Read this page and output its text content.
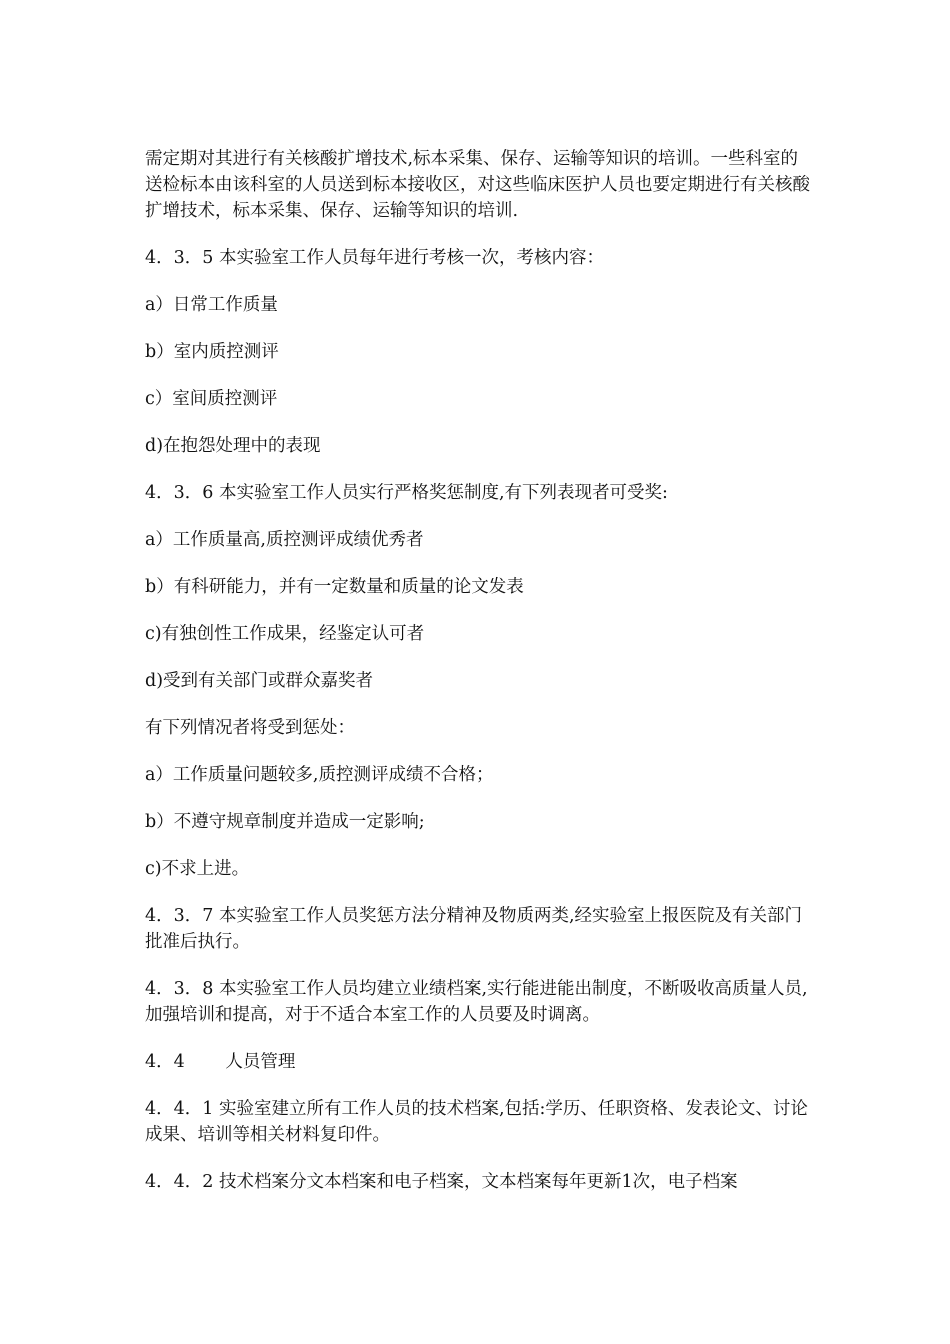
需定期对其进行有关核酸扩增技术,标本采集、保存、运输等知识的培训。一些科室的送检标本由该科室的人员送到标本接收区，对这些临床医护人员也要定期进行有关核酸扩增技术，标本采集、保存、运输等知识的培训.

4．3．5 本实验室工作人员每年进行考核一次，考核内容：

a）日常工作质量

b）室内质控测评

c）室间质控测评

d)在抱怨处理中的表现

4．3．6 本实验室工作人员实行严格奖惩制度,有下列表现者可受奖:

a）工作质量高,质控测评成绩优秀者

b）有科研能力，并有一定数量和质量的论文发表

c)有独创性工作成果，经鉴定认可者

d)受到有关部门或群众嘉奖者

有下列情况者将受到惩处：

a）工作质量问题较多,质控测评成绩不合格；

b）不遵守规章制度并造成一定影响;

c)不求上进。

4．3．7 本实验室工作人员奖惩方法分精神及物质两类,经实验室上报医院及有关部门批准后执行。

4．3．8 本实验室工作人员均建立业绩档案,实行能进能出制度，不断吸收高质量人员,加强培训和提高，对于不适合本室工作的人员要及时调离。

4．4　　 人员管理

4．4．1 实验室建立所有工作人员的技术档案,包括:学历、任职资格、发表论文、讨论成果、培训等相关材料复印件。

4．4．2 技术档案分文本档案和电子档案，文本档案每年更新1次，电子档案
